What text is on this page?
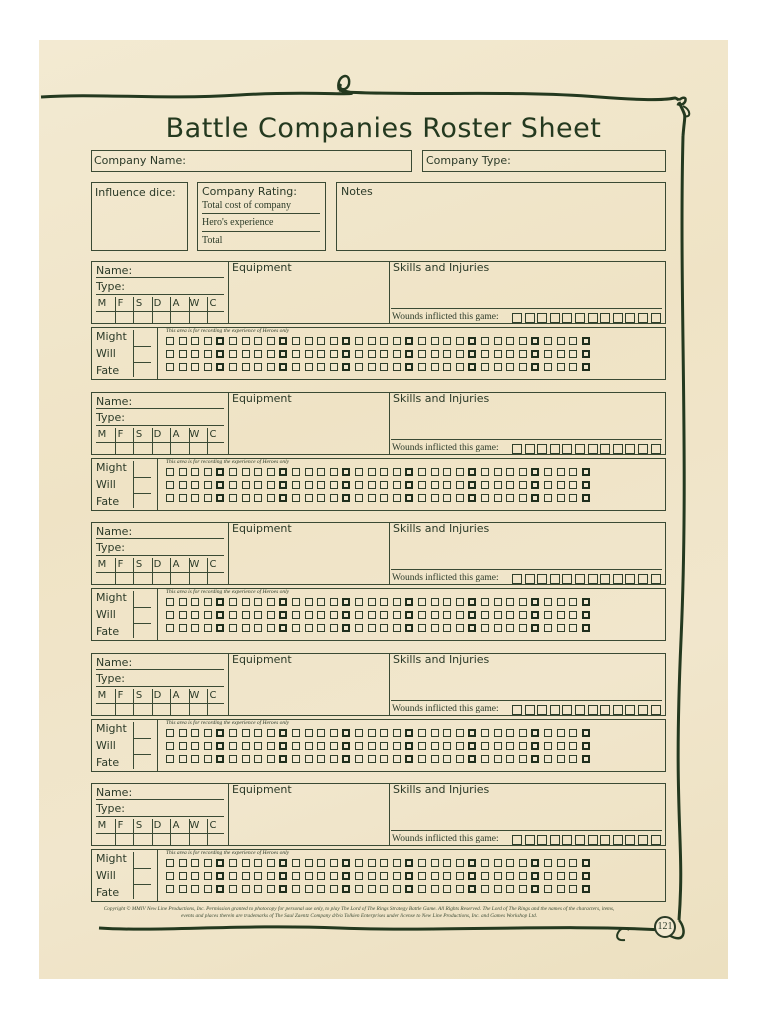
Battle Companies Roster Sheet
Company Name:	Company Type:
Influence dice: Company Rating:
Total cost of company
Hero's experience
Total
Notes
Name:
Type:
M	F	S D A W C
Equipment	Skills and Injuries
Wounds inflicted this game:
Might
Will
Fate
This area is for recording the experience of Heroes only
Name:
Type:
M	F	S D A W C
Equipment	Skills and Injuries
Wounds inflicted this game:
Might
Will
Fate
This area is for recording the experience of Heroes only
Name:
Type:
M	F	S D A W C
Equipment	Skills and Injuries
Wounds inflicted this game:
Might
Will
Fate
This area is for recording the experience of Heroes only
Name:
Type:
M	F	S D A W C
Equipment	Skills and Injuries
Wounds inflicted this game:
Might
Will
Fate
This area is for recording the experience of Heroes only
Name:
Type:
M	F	S D A W C
Equipment	Skills and Injuries
Wounds inflicted this game:
Might
Will
Fate
This area is for recording the experience of Heroes only
Copyright © MMIV New Line Productions, Inc. Permission granted to photocopy for personal use only, to play The Lord of The Rings Strategy Battle Game. All Rights Reserved. The Lord of The Rings and the names of the characters, items, events and places therein are trademarks of The Saul Zaentz Company d/b/a Tolkien Enterprises under license to New Line Productions, Inc. and Games Workshop Ltd.
121
